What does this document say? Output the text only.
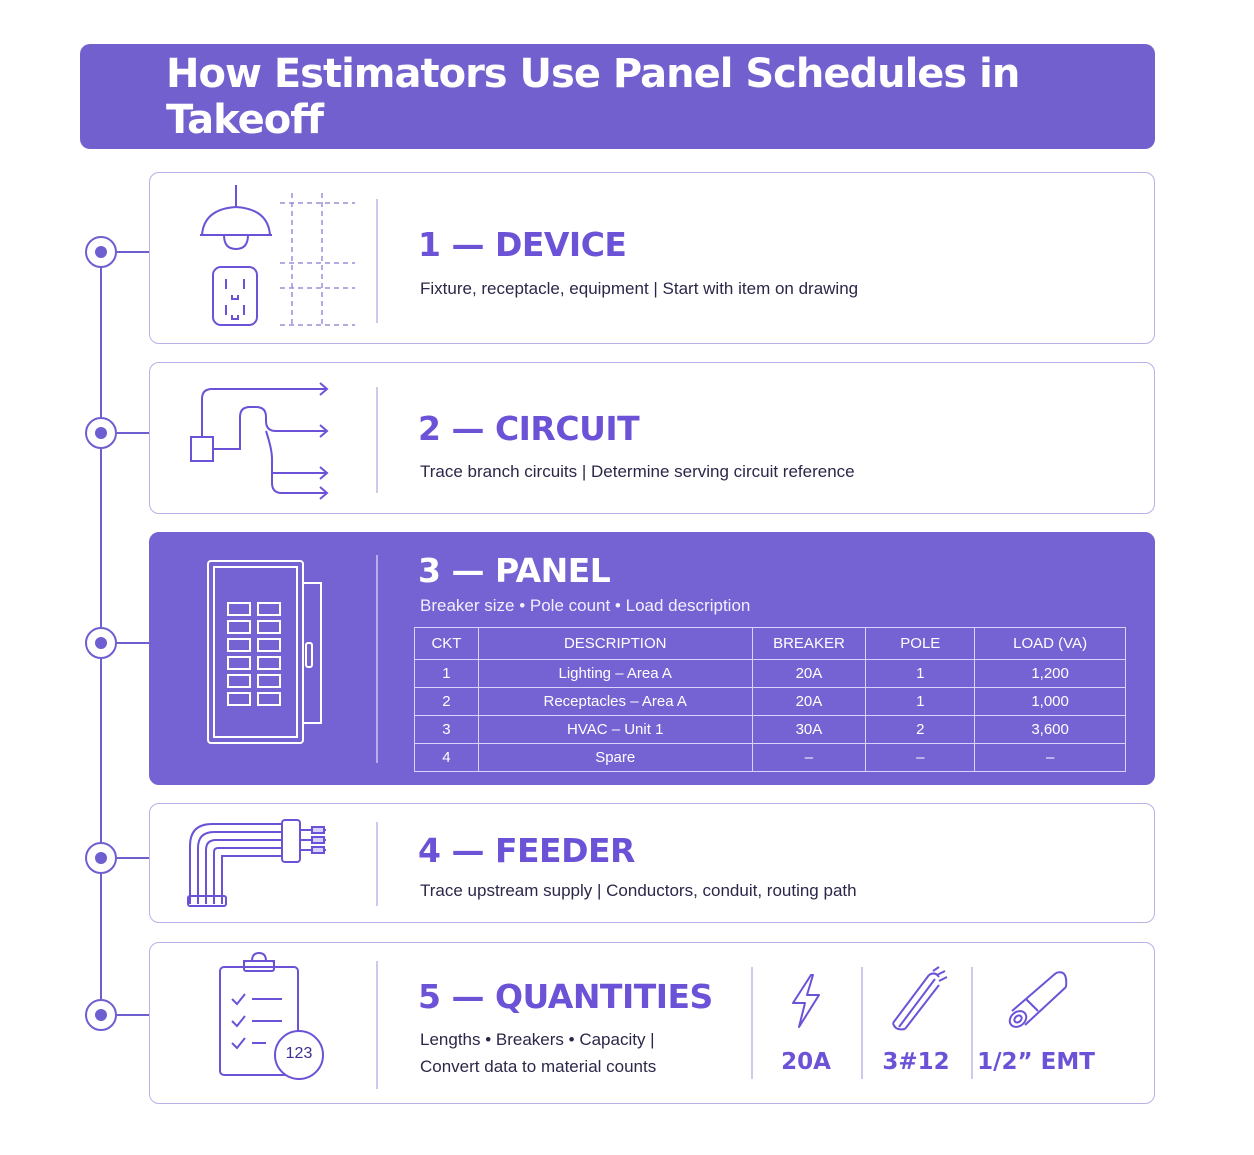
How Estimators Use Panel Schedules in Takeoff
1 — DEVICE
Fixture, receptacle, equipment | Start with item on drawing
2 — CIRCUIT
Trace branch circuits | Determine serving circuit reference
3 — PANEL
Breaker size • Pole count • Load description
CKT	DESCRIPTION	BREAKER	POLE	LOAD (VA)
1	Lighting – Area A	20A	1	1,200
2	Receptacles – Area A	20A	1	1,000
3	HVAC – Unit 1	30A	2	3,600
4	Spare	–	–	–
4 — FEEDER
Trace upstream supply | Conductors, conduit, routing path
123
5 — QUANTITIES
Lengths • Breakers • Capacity |
Convert data to material counts	20A	3#12	1/2” EMT
